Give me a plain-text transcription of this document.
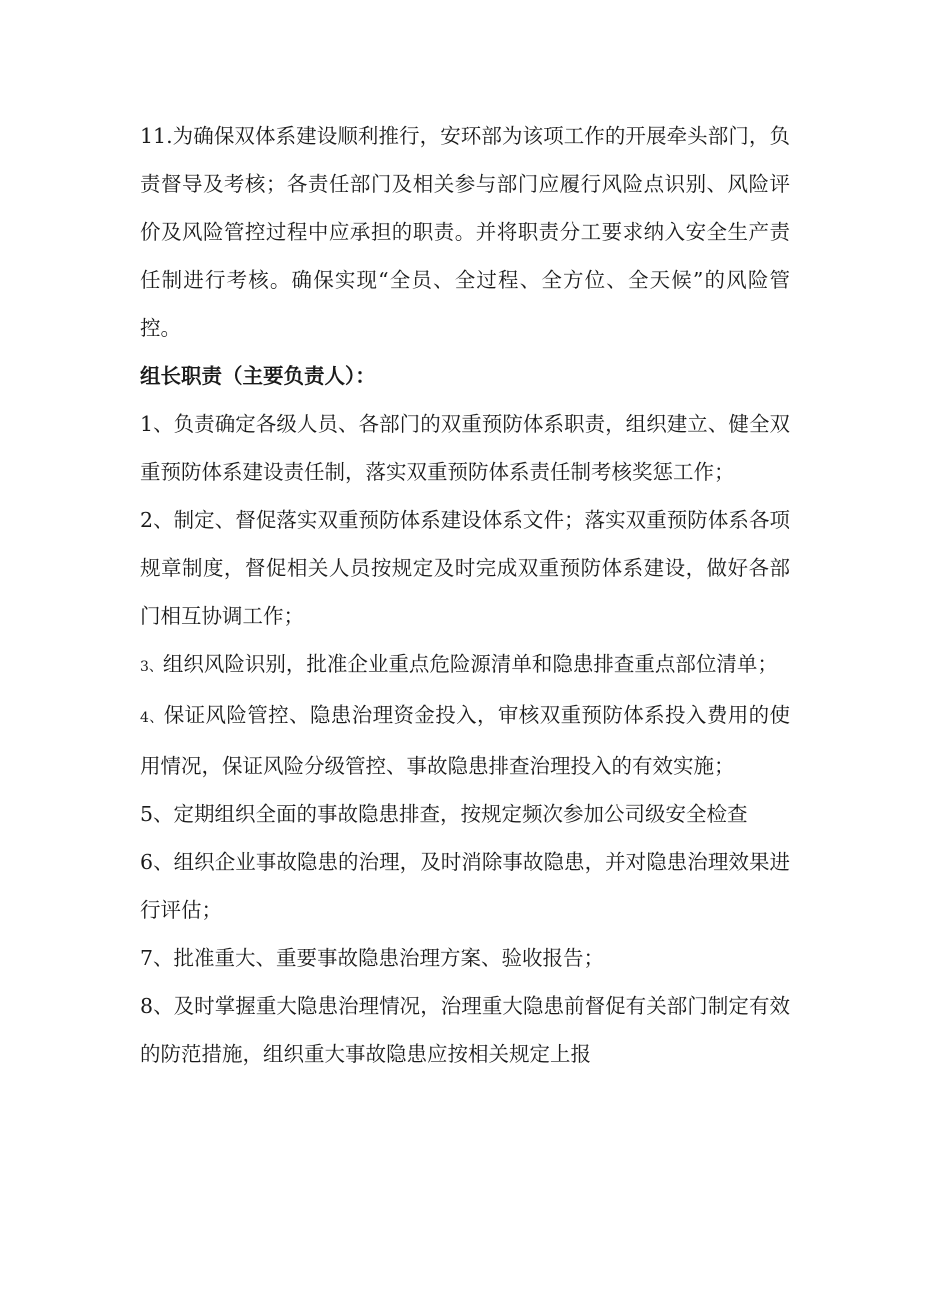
11.为确保双体系建设顺利推行，安环部为该项工作的开展牵头部门，负责督导及考核；各责任部门及相关参与部门应履行风险点识别、风险评价及风险管控过程中应承担的职责。并将职责分工要求纳入安全生产责任制进行考核。确保实现“全员、全过程、全方位、全天候”的风险管控。

组长职责（主要负责人）：

1、负责确定各级人员、各部门的双重预防体系职责，组织建立、健全双重预防体系建设责任制，落实双重预防体系责任制考核奖惩工作；

2、制定、督促落实双重预防体系建设体系文件；落实双重预防体系各项规章制度，督促相关人员按规定及时完成双重预防体系建设，做好各部门相互协调工作；

3、组织风险识别，批准企业重点危险源清单和隐患排查重点部位清单；

4、保证风险管控、隐患治理资金投入，审核双重预防体系投入费用的使用情况，保证风险分级管控、事故隐患排查治理投入的有效实施；

5、定期组织全面的事故隐患排查，按规定频次参加公司级安全检查

6、组织企业事故隐患的治理，及时消除事故隐患，并对隐患治理效果进行评估；

7、批准重大、重要事故隐患治理方案、验收报告；

8、及时掌握重大隐患治理情况，治理重大隐患前督促有关部门制定有效的防范措施，组织重大事故隐患应按相关规定上报
